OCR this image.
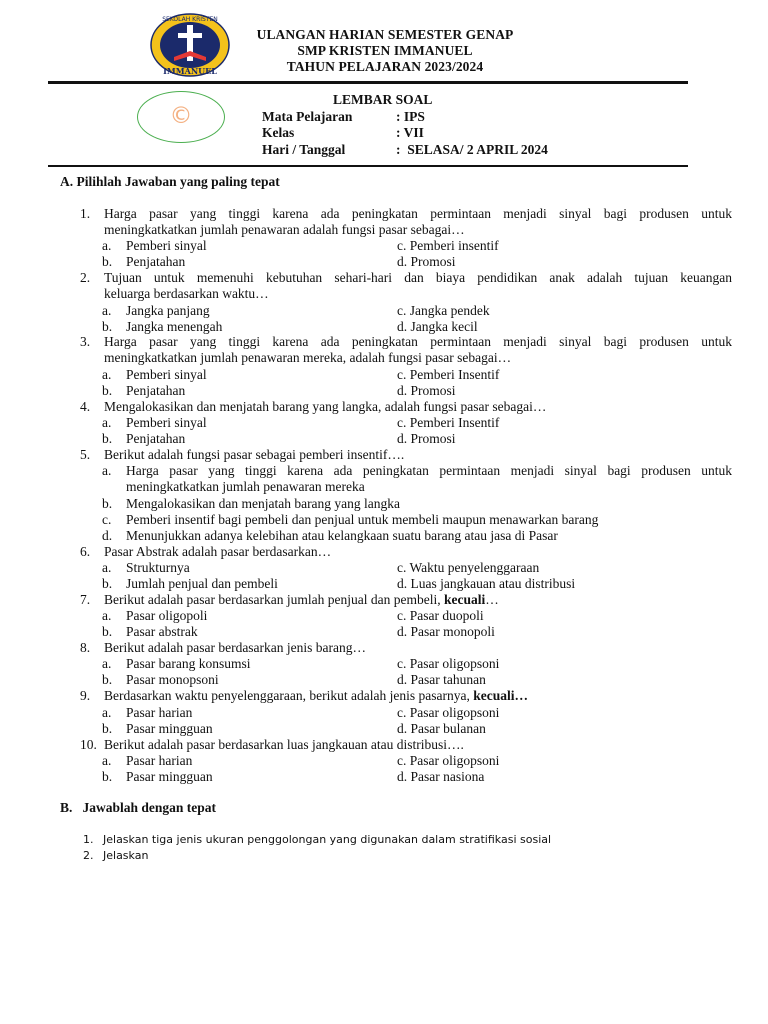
SEKOLAH KRISTEN
IMMANUEL
ULANGAN HARIAN SEMESTER GENAP
SMP KRISTEN IMMANUEL
TAHUN PELAJARAN 2023/2024
©
LEMBAR SOAL
Mata Pelajaran	: IPS
Kelas	: VII
Hari / Tanggal	:  SELASA/ 2 APRIL 2024
A. Pilihlah Jawaban yang paling tepat
1.	Harga pasar yang tinggi karena ada peningkatan permintaan menjadi sinyal bagi produsen untuk
meningkatkatkan jumlah penawaran adalah fungsi pasar sebagai…
a. Pemberi sinyal	c. Pemberi insentif
b. Penjatahan	d. Promosi
2.	Tujuan untuk memenuhi kebutuhan sehari-hari dan biaya pendidikan anak adalah tujuan keuangan
keluarga berdasarkan waktu…
a. Jangka panjang	c. Jangka pendek
b. Jangka menengah	d. Jangka kecil
3.	Harga pasar yang tinggi karena ada peningkatan permintaan menjadi sinyal bagi produsen untuk
meningkatkatkan jumlah penawaran mereka, adalah fungsi pasar sebagai…
a. Pemberi sinyal	c. Pemberi Insentif
b. Penjatahan	d. Promosi
4.	Mengalokasikan dan menjatah barang yang langka, adalah fungsi pasar sebagai…
a. Pemberi sinyal	c. Pemberi Insentif
b. Penjatahan	d. Promosi
5.	Berikut adalah fungsi pasar sebagai pemberi insentif….
a. Harga pasar yang tinggi karena ada peningkatan permintaan menjadi sinyal bagi produsen untuk
meningkatkatkan jumlah penawaran mereka
b. Mengalokasikan dan menjatah barang yang langka
c. Pemberi insentif bagi pembeli dan penjual untuk membeli maupun menawarkan barang
d. Menunjukkan adanya kelebihan atau kelangkaan suatu barang atau jasa di Pasar
6.	Pasar Abstrak adalah pasar berdasarkan…
a. Strukturnya	c. Waktu penyelenggaraan
b. Jumlah penjual dan pembeli	d. Luas jangkauan atau distribusi
7.	Berikut adalah pasar berdasarkan jumlah penjual dan pembeli, kecuali…
a. Pasar oligopoli	c. Pasar duopoli
b. Pasar abstrak	d. Pasar monopoli
8.	Berikut adalah pasar berdasarkan jenis barang…
a. Pasar barang konsumsi	c. Pasar oligopsoni
b. Pasar monopsoni	d. Pasar tahunan
9.	Berdasarkan waktu penyelenggaraan, berikut adalah jenis pasarnya, kecuali…
a. Pasar harian	c. Pasar oligopsoni
b. Pasar mingguan	d. Pasar bulanan
10. Berikut adalah pasar berdasarkan luas jangkauan atau distribusi….
a. Pasar harian	c. Pasar oligopsoni
b. Pasar mingguan	d. Pasar nasiona
B.   Jawablah dengan tepat
1. Jelaskan tiga jenis ukuran penggolongan yang digunakan dalam stratifikasi sosial
2. Jelaskan
